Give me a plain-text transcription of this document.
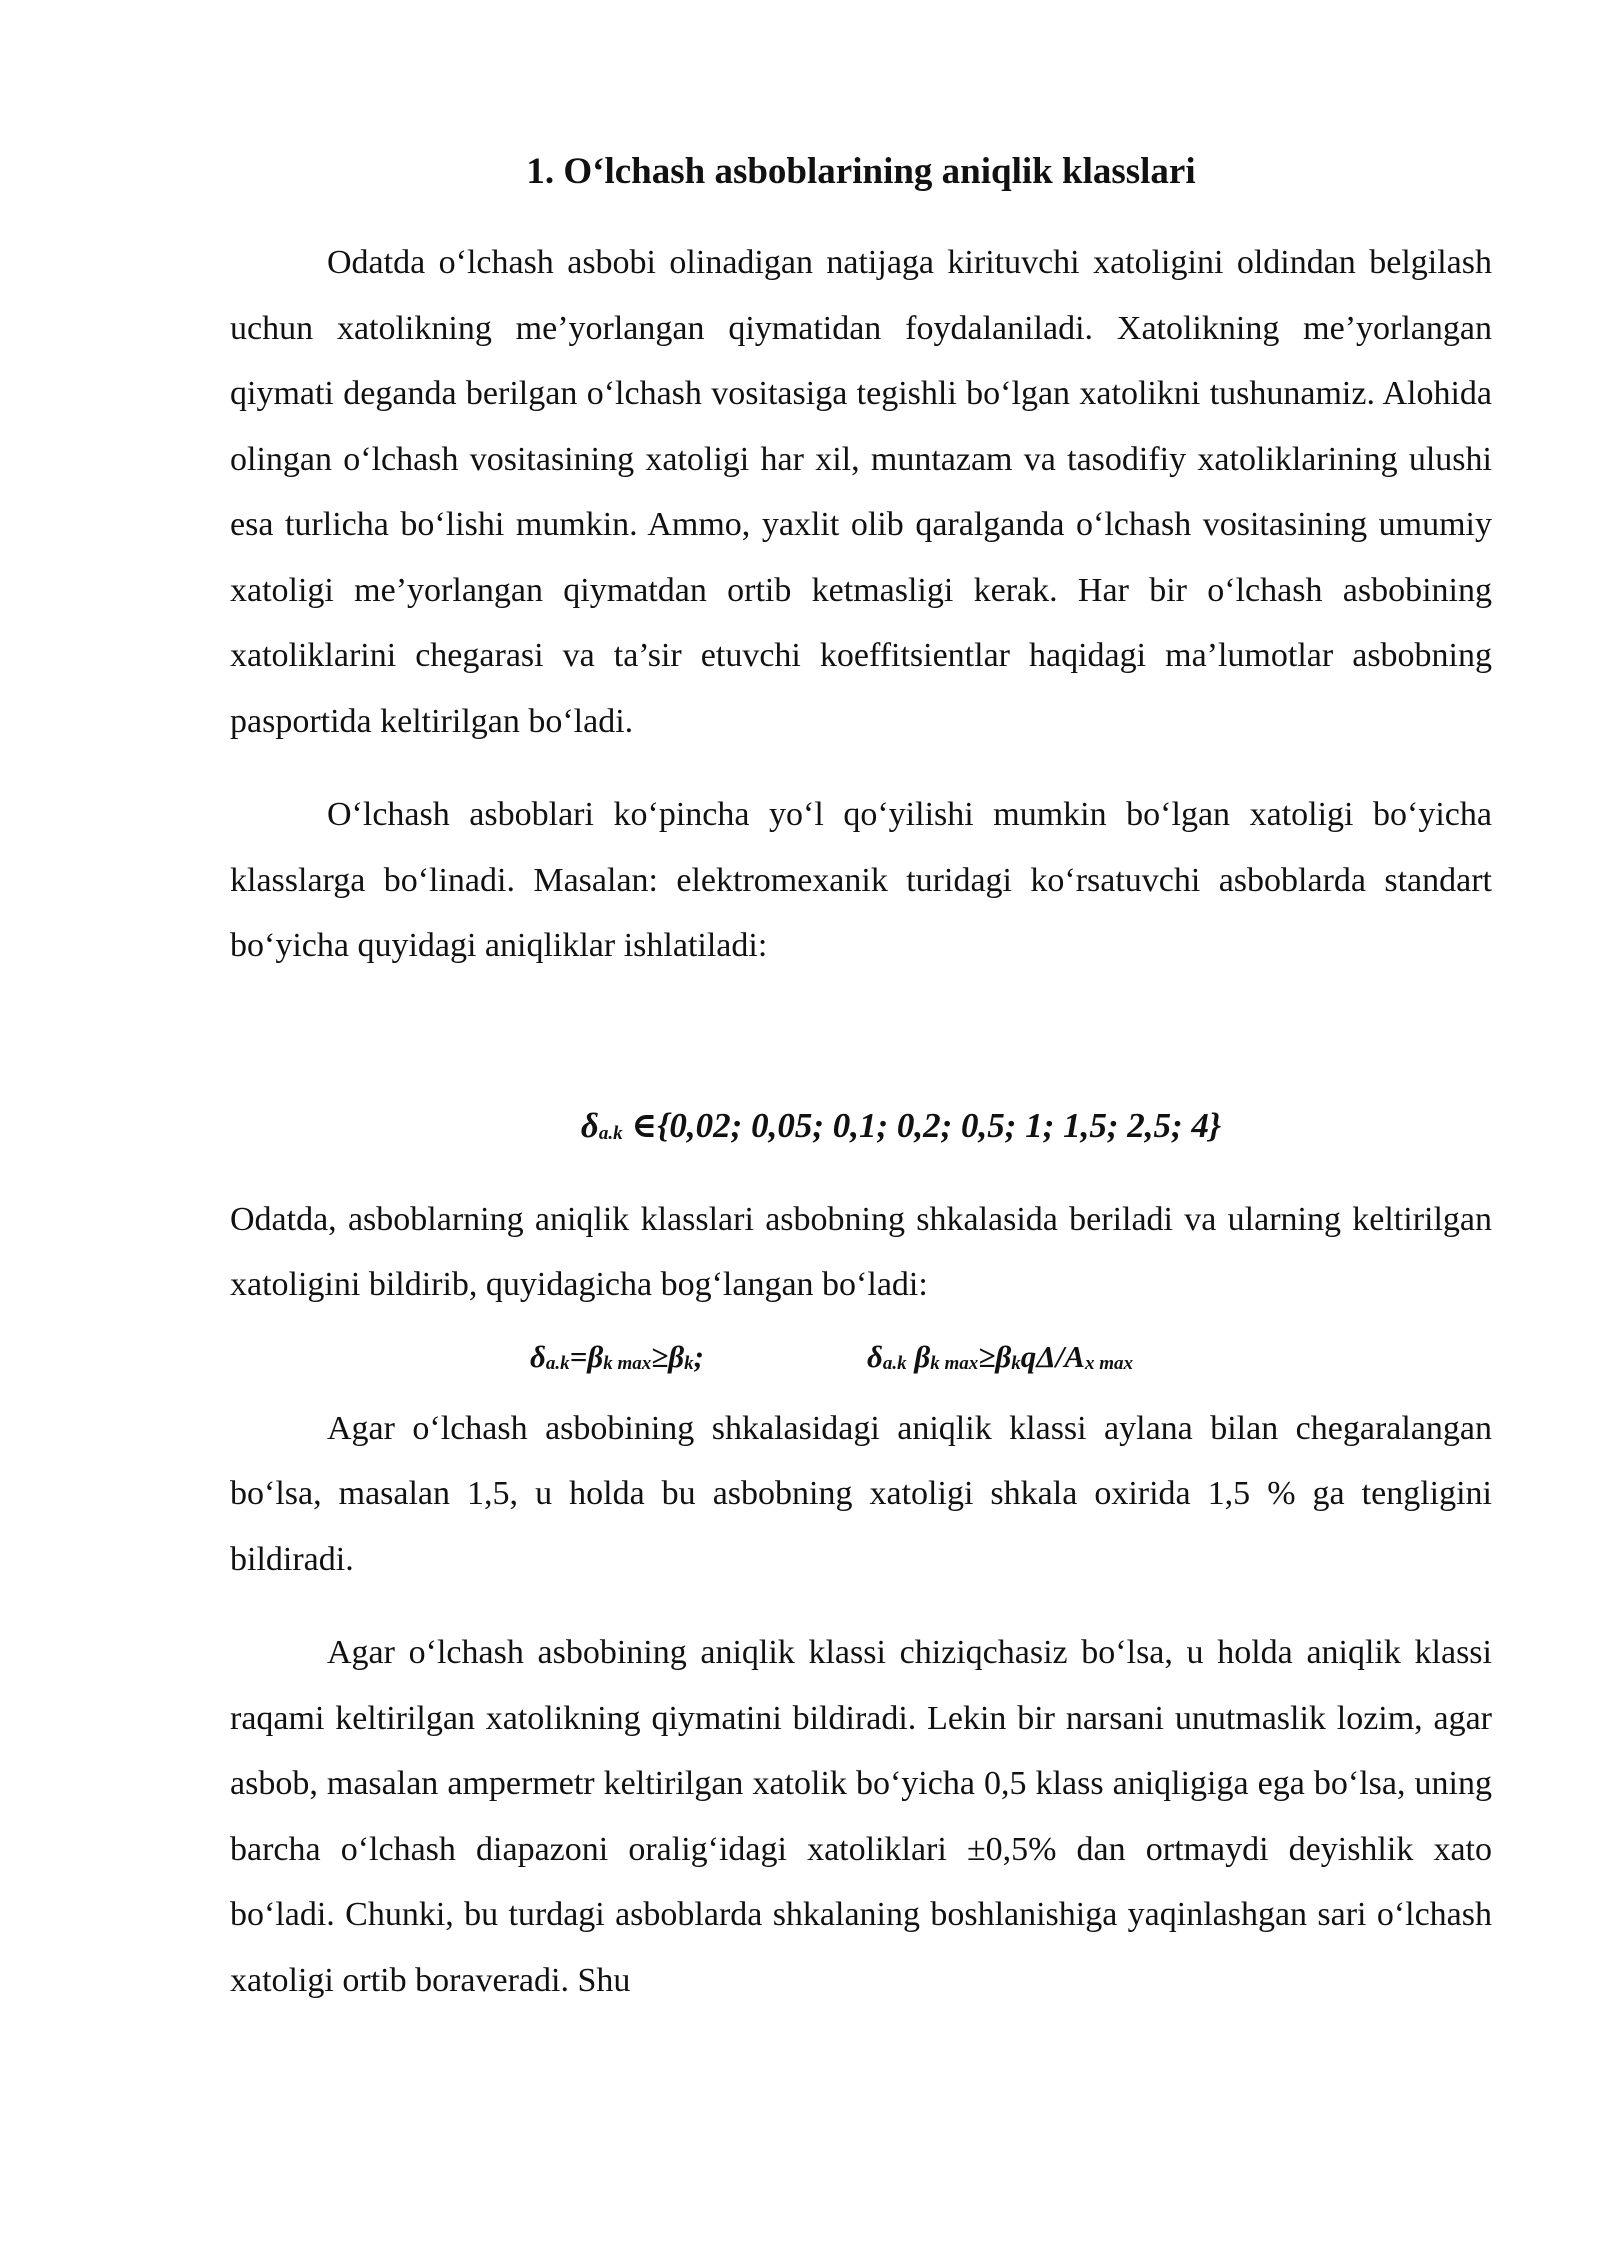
1. O‘lchash asboblarining aniqlik klasslari

Odatda o‘lchash asbobi olinadigan natijaga kirituvchi xatoligini oldindan belgilash uchun xatolikning me’yorlangan qiymatidan foydalaniladi. Xatolikning me’yorlangan qiymati deganda berilgan o‘lchash vositasiga tegishli bo‘lgan xatolikni tushunamiz. Alohida olingan o‘lchash vositasining xatoligi har xil, muntazam va tasodifiy xatoliklarining ulushi esa turlicha bo‘lishi mumkin. Ammo, yaxlit olib qaralganda o‘lchash vositasining umumiy xatoligi me’yorlangan qiymatdan ortib ketmasligi kerak. Har bir o‘lchash asbobining xatoliklarini chegarasi va ta’sir etuvchi koeffitsientlar haqidagi ma’lumotlar asbobning pasportida keltirilgan bo‘ladi.

O‘lchash asboblari ko‘pincha yo‘l qo‘yilishi mumkin bo‘lgan xatoligi bo‘yicha klasslarga bo‘linadi. Masalan: elektromexanik turidagi ko‘rsatuvchi asboblarda standart bo‘yicha quyidagi aniqliklar ishlatiladi:

δa.k ∈{0,02; 0,05; 0,1; 0,2; 0,5; 1; 1,5; 2,5; 4}

Odatda, asboblarning aniqlik klasslari asbobning shkalasida beriladi va ularning keltirilgan xatoligini bildirib, quyidagicha bog‘langan bo‘ladi:

δa.k=βk max≥βk;	δa.k βk max≥βkqΔ/Ax max

Agar o‘lchash asbobining shkalasidagi aniqlik klassi aylana bilan chegaralangan bo‘lsa, masalan 1,5, u holda bu asbobning xatoligi shkala oxirida 1,5 % ga tengligini bildiradi.

Agar o‘lchash asbobining aniqlik klassi chiziqchasiz bo‘lsa, u holda aniqlik klassi raqami keltirilgan xatolikning qiymatini bildiradi. Lekin bir narsani unutmaslik lozim, agar asbob, masalan ampermetr keltirilgan xatolik bo‘yicha 0,5 klass aniqligiga ega bo‘lsa, uning barcha o‘lchash diapazoni oralig‘idagi xatoliklari ±0,5% dan ortmaydi deyishlik xato bo‘ladi. Chunki, bu turdagi asboblarda shkalaning boshlanishiga yaqinlashgan sari o‘lchash xatoligi ortib boraveradi. Shu
